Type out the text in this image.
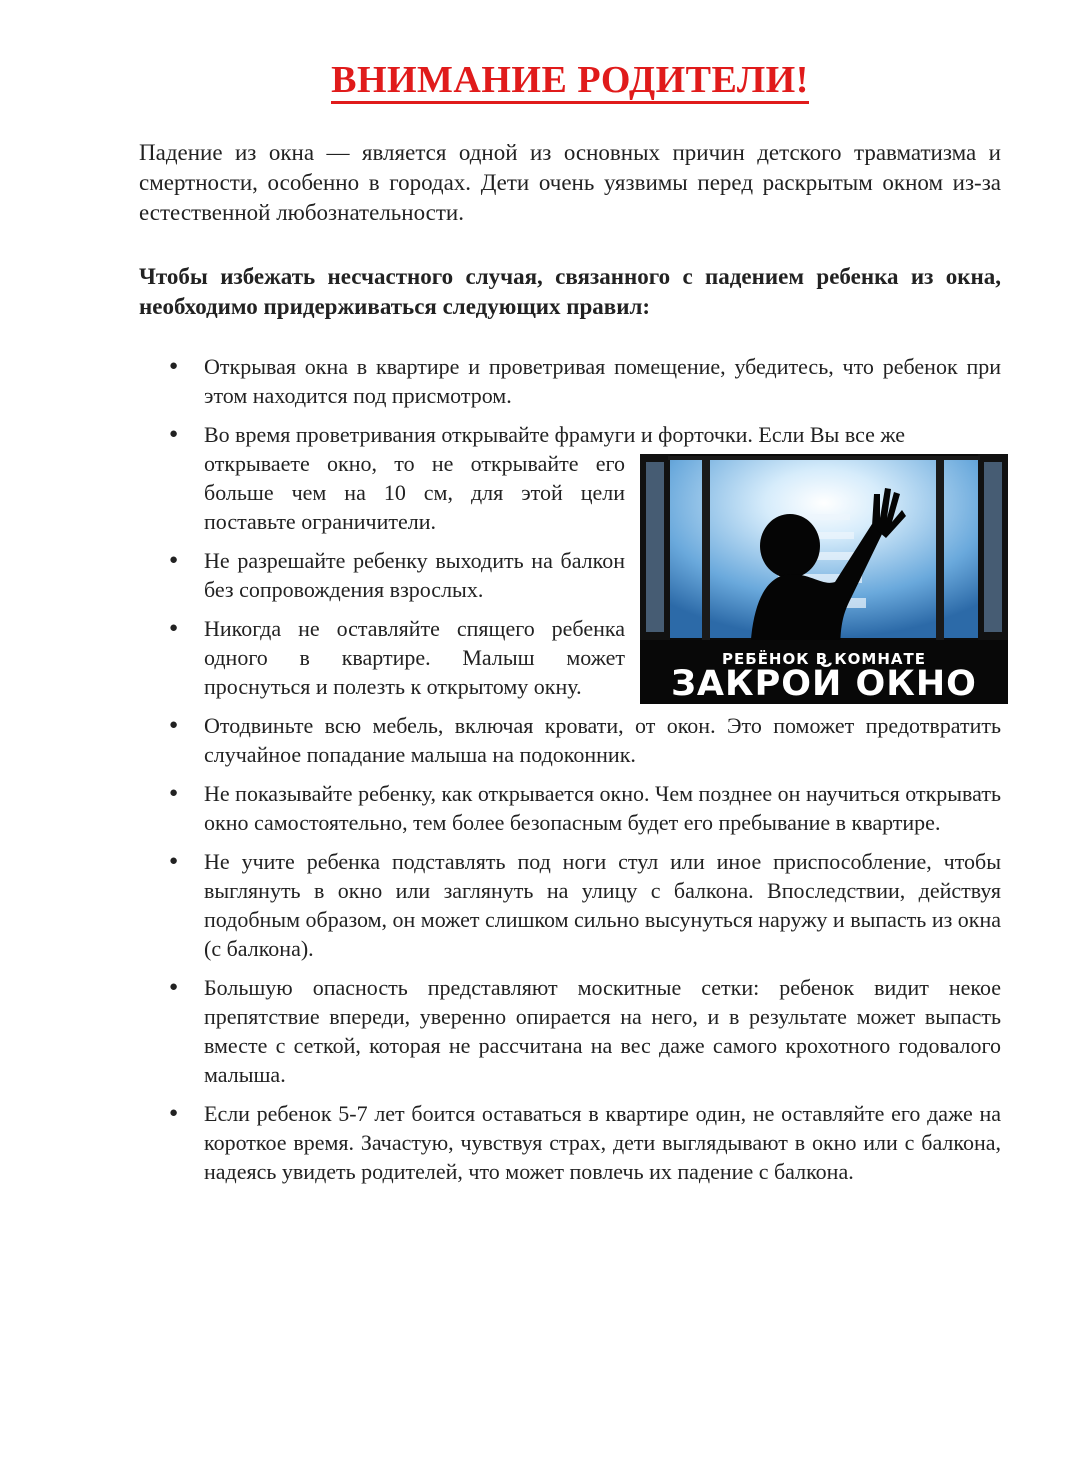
ВНИМАНИЕ РОДИТЕЛИ!
Падение из окна — является одной из основных причин детского травматизма и смертности, особенно в городах. Дети очень уязвимы перед раскрытым окном из-за естественной любознательности.
Чтобы избежать несчастного случая, связанного с падением ребенка из окна, необходимо придерживаться следующих правил:
● Открывая окна в квартире и проветривая помещение, убедитесь, что ребенок при этом находится под присмотром.
● Во время проветривания открывайте фрамуги и форточки. Если Вы все же
открываете окно, то не открывайте его больше чем на 10 см, для этой цели поставьте ограничители.
● Не разрешайте ребенку выходить на балкон без сопровождения взрослых.
● Никогда не оставляйте спящего ребенка одного в квартире. Малыш может проснуться и полезть к открытому окну.
● Отодвиньте всю мебель, включая кровати, от окон. Это поможет предотвратить случайное попадание малыша на подоконник.
● Не показывайте ребенку, как открывается окно. Чем позднее он научиться открывать окно самостоятельно, тем более безопасным будет его пребывание в квартире.
● Не учите ребенка подставлять под ноги стул или иное приспособление, чтобы выглянуть в окно или заглянуть на улицу с балкона. Впоследствии, действуя подобным образом, он может слишком сильно высунуться наружу и выпасть из окна (с балкона).
● Большую опасность представляют москитные сетки: ребенок видит некое препятствие впереди, уверенно опирается на него, и в результате может выпасть вместе с сеткой, которая не рассчитана на вес даже самого крохотного годовалого малыша.
● Если ребенок 5-7 лет боится оставаться в квартире один, не оставляйте его даже на короткое время. Зачастую, чувствуя страх, дети выглядывают в окно или с балкона, надеясь увидеть родителей, что может повлечь их падение с балкона.
РЕБЁНОК В КОМНАТЕ
ЗАКРОЙ ОКНО
